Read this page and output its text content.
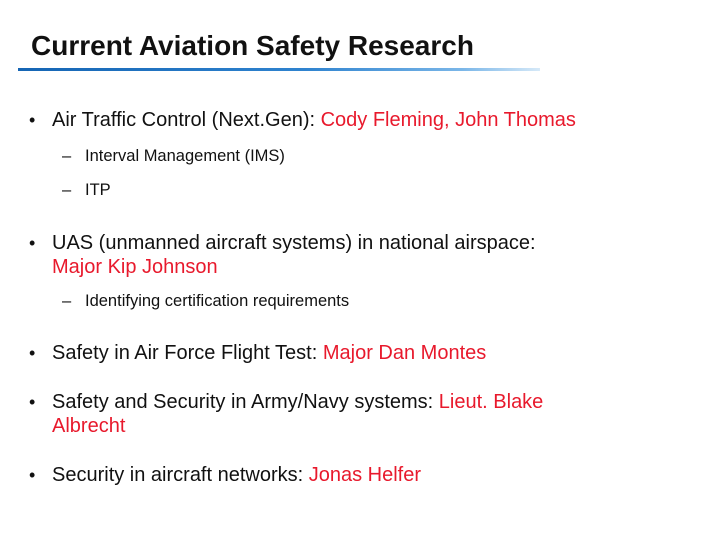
Current Aviation Safety Research

• Air Traffic Control (Next.Gen): Cody Fleming, John Thomas

– Interval Management (IMS)

– ITP

• UAS (unmanned aircraft systems) in national airspace:
Major Kip Johnson

– Identifying certification requirements

• Safety in Air Force Flight Test: Major Dan Montes

• Safety and Security in Army/Navy systems: Lieut. Blake
Albrecht

• Security in aircraft networks: Jonas Helfer
